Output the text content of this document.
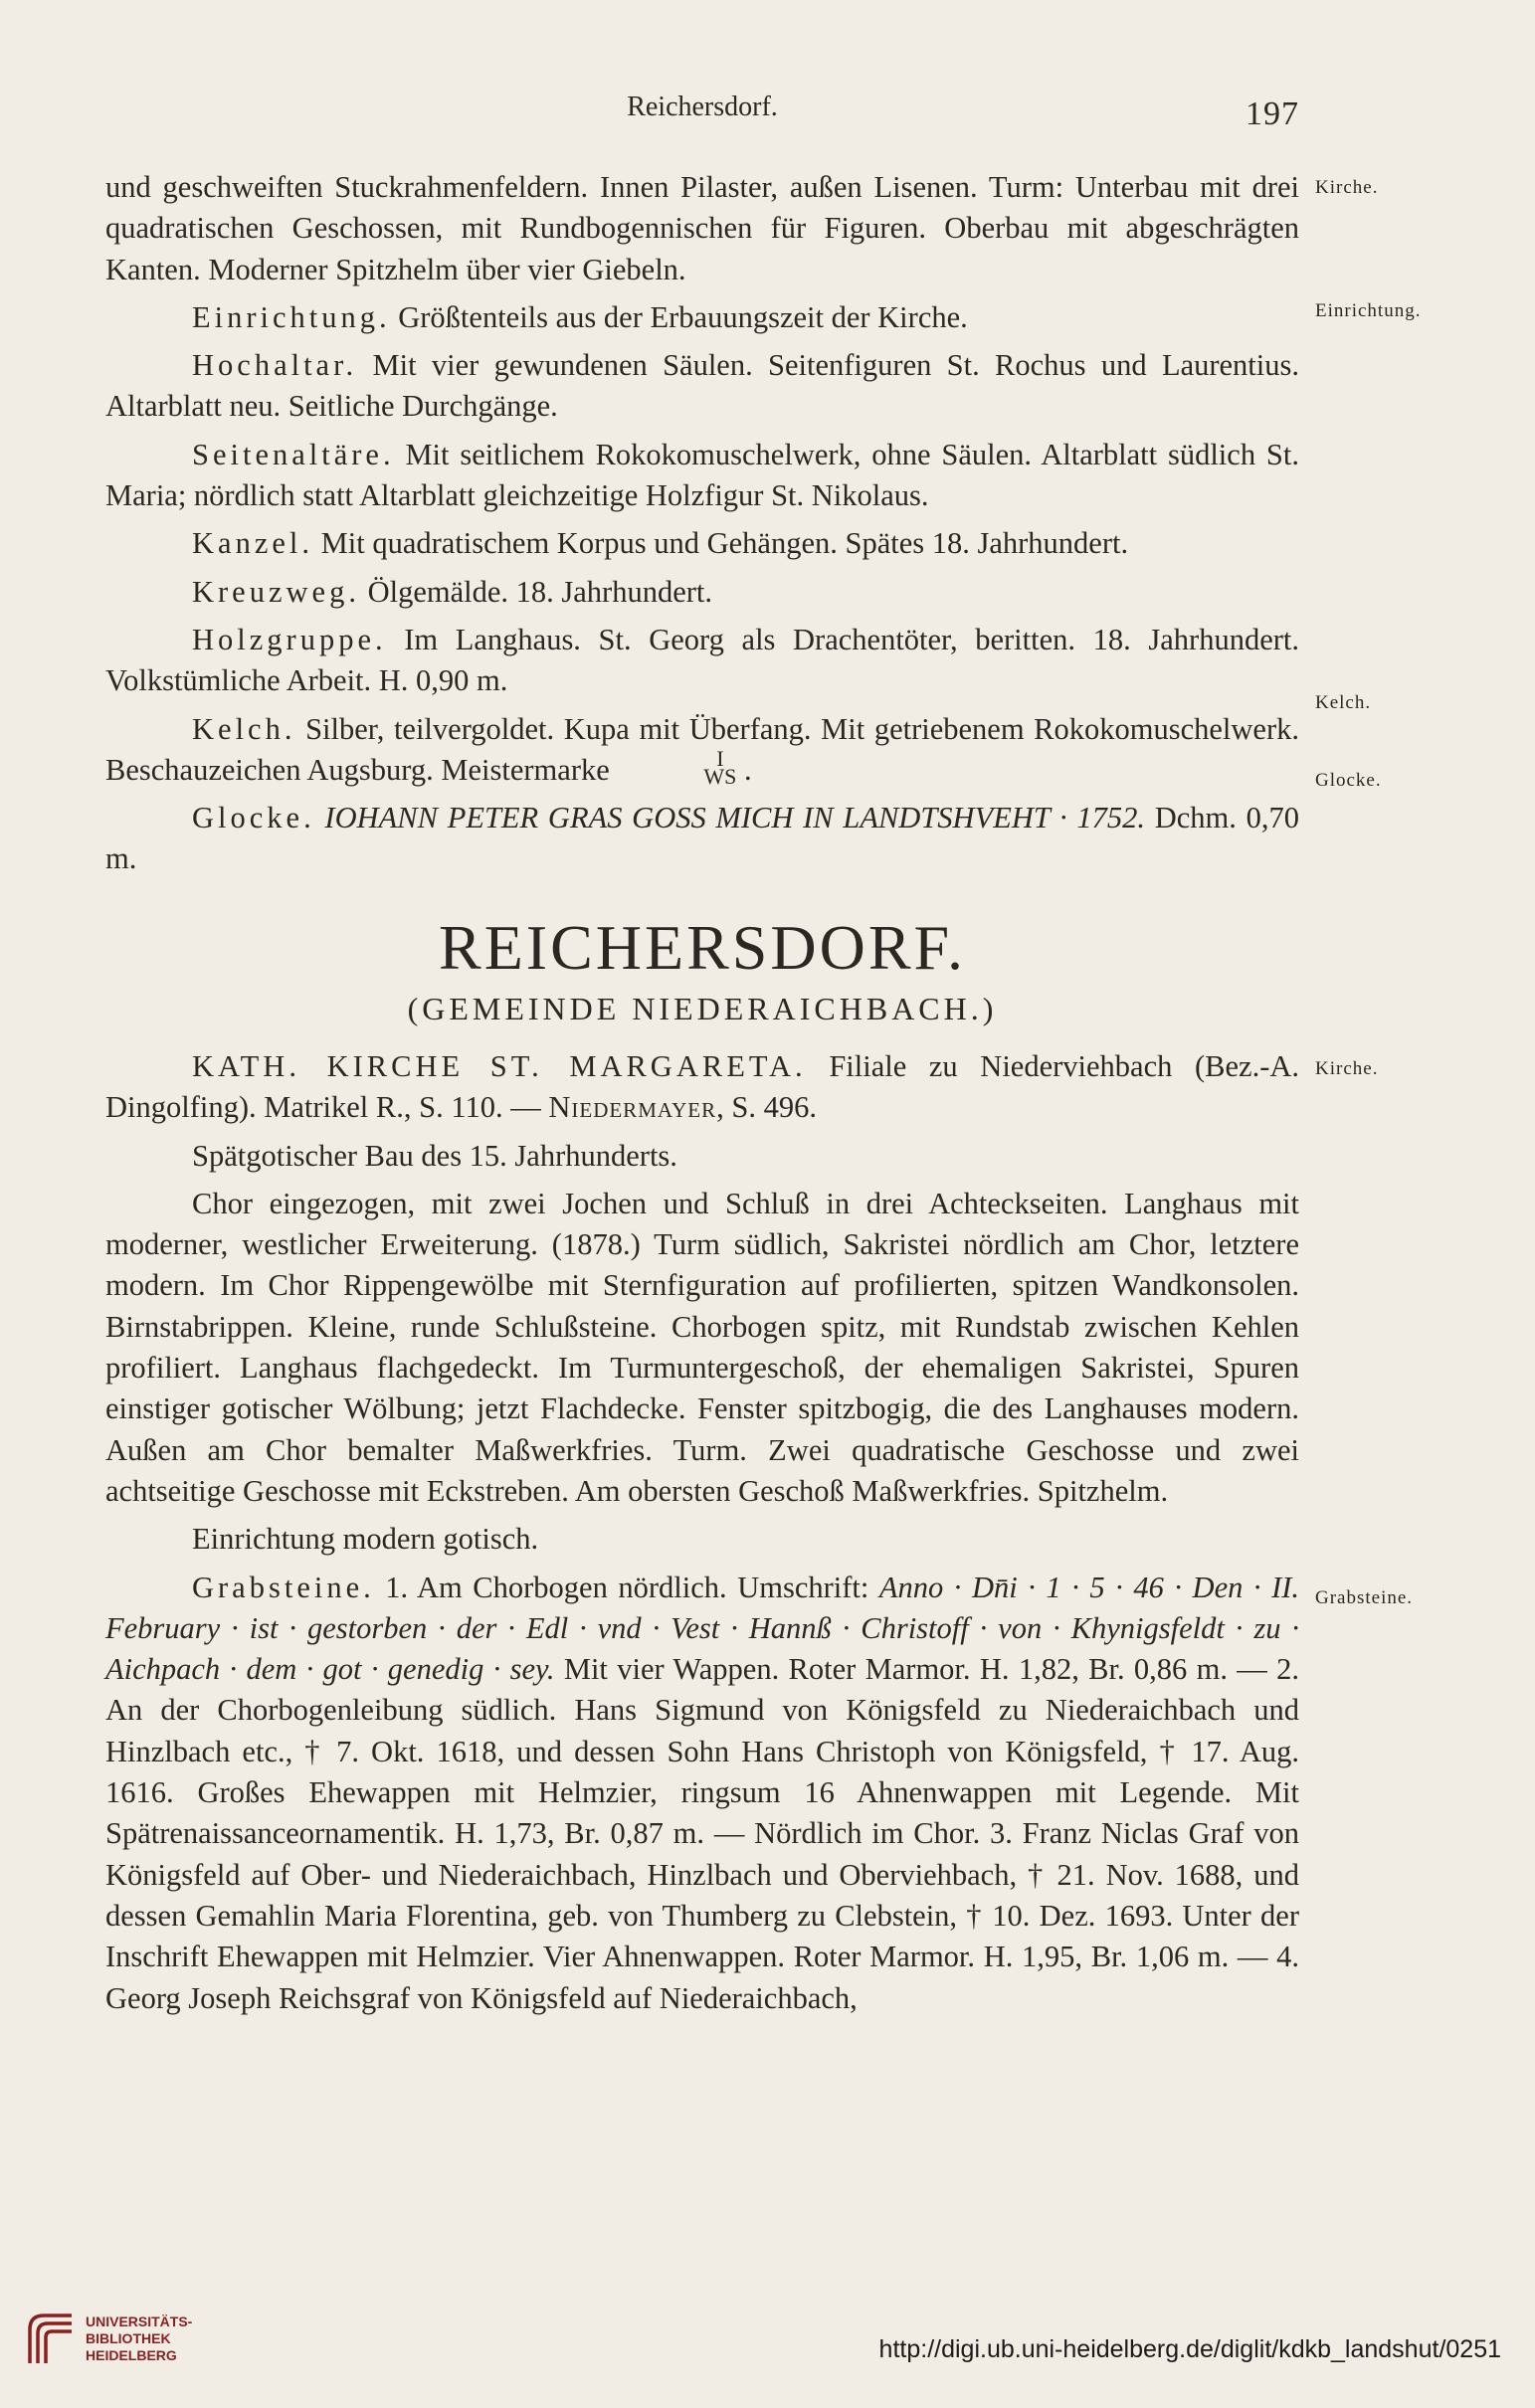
Reichersdorf.	197

und geschweiften Stuckrahmenfeldern. Innen Pilaster, außen Lisenen. Turm: Unterbau mit drei quadratischen Geschossen, mit Rundbogennischen für Figuren. Oberbau mit abgeschrägten Kanten. Moderner Spitzhelm über vier Giebeln.

Einrichtung. Größtenteils aus der Erbauungszeit der Kirche.

Hochaltar. Mit vier gewundenen Säulen. Seitenfiguren St. Rochus und Laurentius. Altarblatt neu. Seitliche Durchgänge.

Seitenaltäre. Mit seitlichem Rokokomuschelwerk, ohne Säulen. Altarblatt südlich St. Maria; nördlich statt Altarblatt gleichzeitige Holzfigur St. Nikolaus.

Kanzel. Mit quadratischem Korpus und Gehängen. Spätes 18. Jahrhundert.

Kreuzweg. Ölgemälde. 18. Jahrhundert.

Holzgruppe. Im Langhaus. St. Georg als Drachentöter, beritten. 18. Jahrhundert. Volkstümliche Arbeit. H. 0,90 m.

Kelch. Silber, teilvergoldet. Kupa mit Überfang. Mit getriebenem Rokokomuschelwerk. Beschauzeichen Augsburg. Meistermarke	I
WS .

Glocke. IOHANN PETER GRAS GOSS MICH IN LANDTSHVEHT · 1752. Dchm. 0,70 m.

REICHERSDORF.
(GEMEINDE NIEDERAICHBACH.)

KATH. KIRCHE ST. MARGARETA. Filiale zu Niederviehbach (Bez.-A. Dingolfing). Matrikel R., S. 110. — Niedermayer, S. 496.

Spätgotischer Bau des 15. Jahrhunderts.

Chor eingezogen, mit zwei Jochen und Schluß in drei Achteckseiten. Langhaus mit moderner, westlicher Erweiterung. (1878.) Turm südlich, Sakristei nördlich am Chor, letztere modern. Im Chor Rippengewölbe mit Sternfiguration auf profilierten, spitzen Wandkonsolen. Birnstabrippen. Kleine, runde Schlußsteine. Chorbogen spitz, mit Rundstab zwischen Kehlen profiliert. Langhaus flachgedeckt. Im Turmuntergeschoß, der ehemaligen Sakristei, Spuren einstiger gotischer Wölbung; jetzt Flachdecke. Fenster spitzbogig, die des Langhauses modern. Außen am Chor bemalter Maßwerkfries. Turm. Zwei quadratische Geschosse und zwei achtseitige Geschosse mit Eckstreben. Am obersten Geschoß Maßwerkfries. Spitzhelm.

Einrichtung modern gotisch.

Grabsteine. 1. Am Chorbogen nördlich. Umschrift: Anno · Dn̄i · 1 · 5 · 46 · Den · II. February · ist · gestorben · der · Edl · vnd · Vest · Hannß · Christoff · von · Khynigsfeldt · zu · Aichpach · dem · got · genedig · sey. Mit vier Wappen. Roter Marmor. H. 1,82, Br. 0,86 m. — 2. An der Chorbogenleibung südlich. Hans Sigmund von Königsfeld zu Niederaichbach und Hinzlbach etc., † 7. Okt. 1618, und dessen Sohn Hans Christoph von Königsfeld, † 17. Aug. 1616. Großes Ehewappen mit Helmzier, ringsum 16 Ahnenwappen mit Legende. Mit Spätrenaissanceornamentik. H. 1,73, Br. 0,87 m. — Nördlich im Chor. 3. Franz Niclas Graf von Königsfeld auf Ober- und Niederaichbach, Hinzlbach und Oberviehbach, † 21. Nov. 1688, und dessen Gemahlin Maria Florentina, geb. von Thumberg zu Clebstein, † 10. Dez. 1693. Unter der Inschrift Ehewappen mit Helmzier. Vier Ahnenwappen. Roter Marmor. H. 1,95, Br. 1,06 m. — 4. Georg Joseph Reichsgraf von Königsfeld auf Niederaichbach,

Kirche.
Einrichtung.
Kelch.
Glocke.
Kirche.
Grabsteine.
UNIVERSITÄTS-
BIBLIOTHEK
HEIDELBERG	http://digi.ub.uni-heidelberg.de/diglit/kdkb_landshut/0251
